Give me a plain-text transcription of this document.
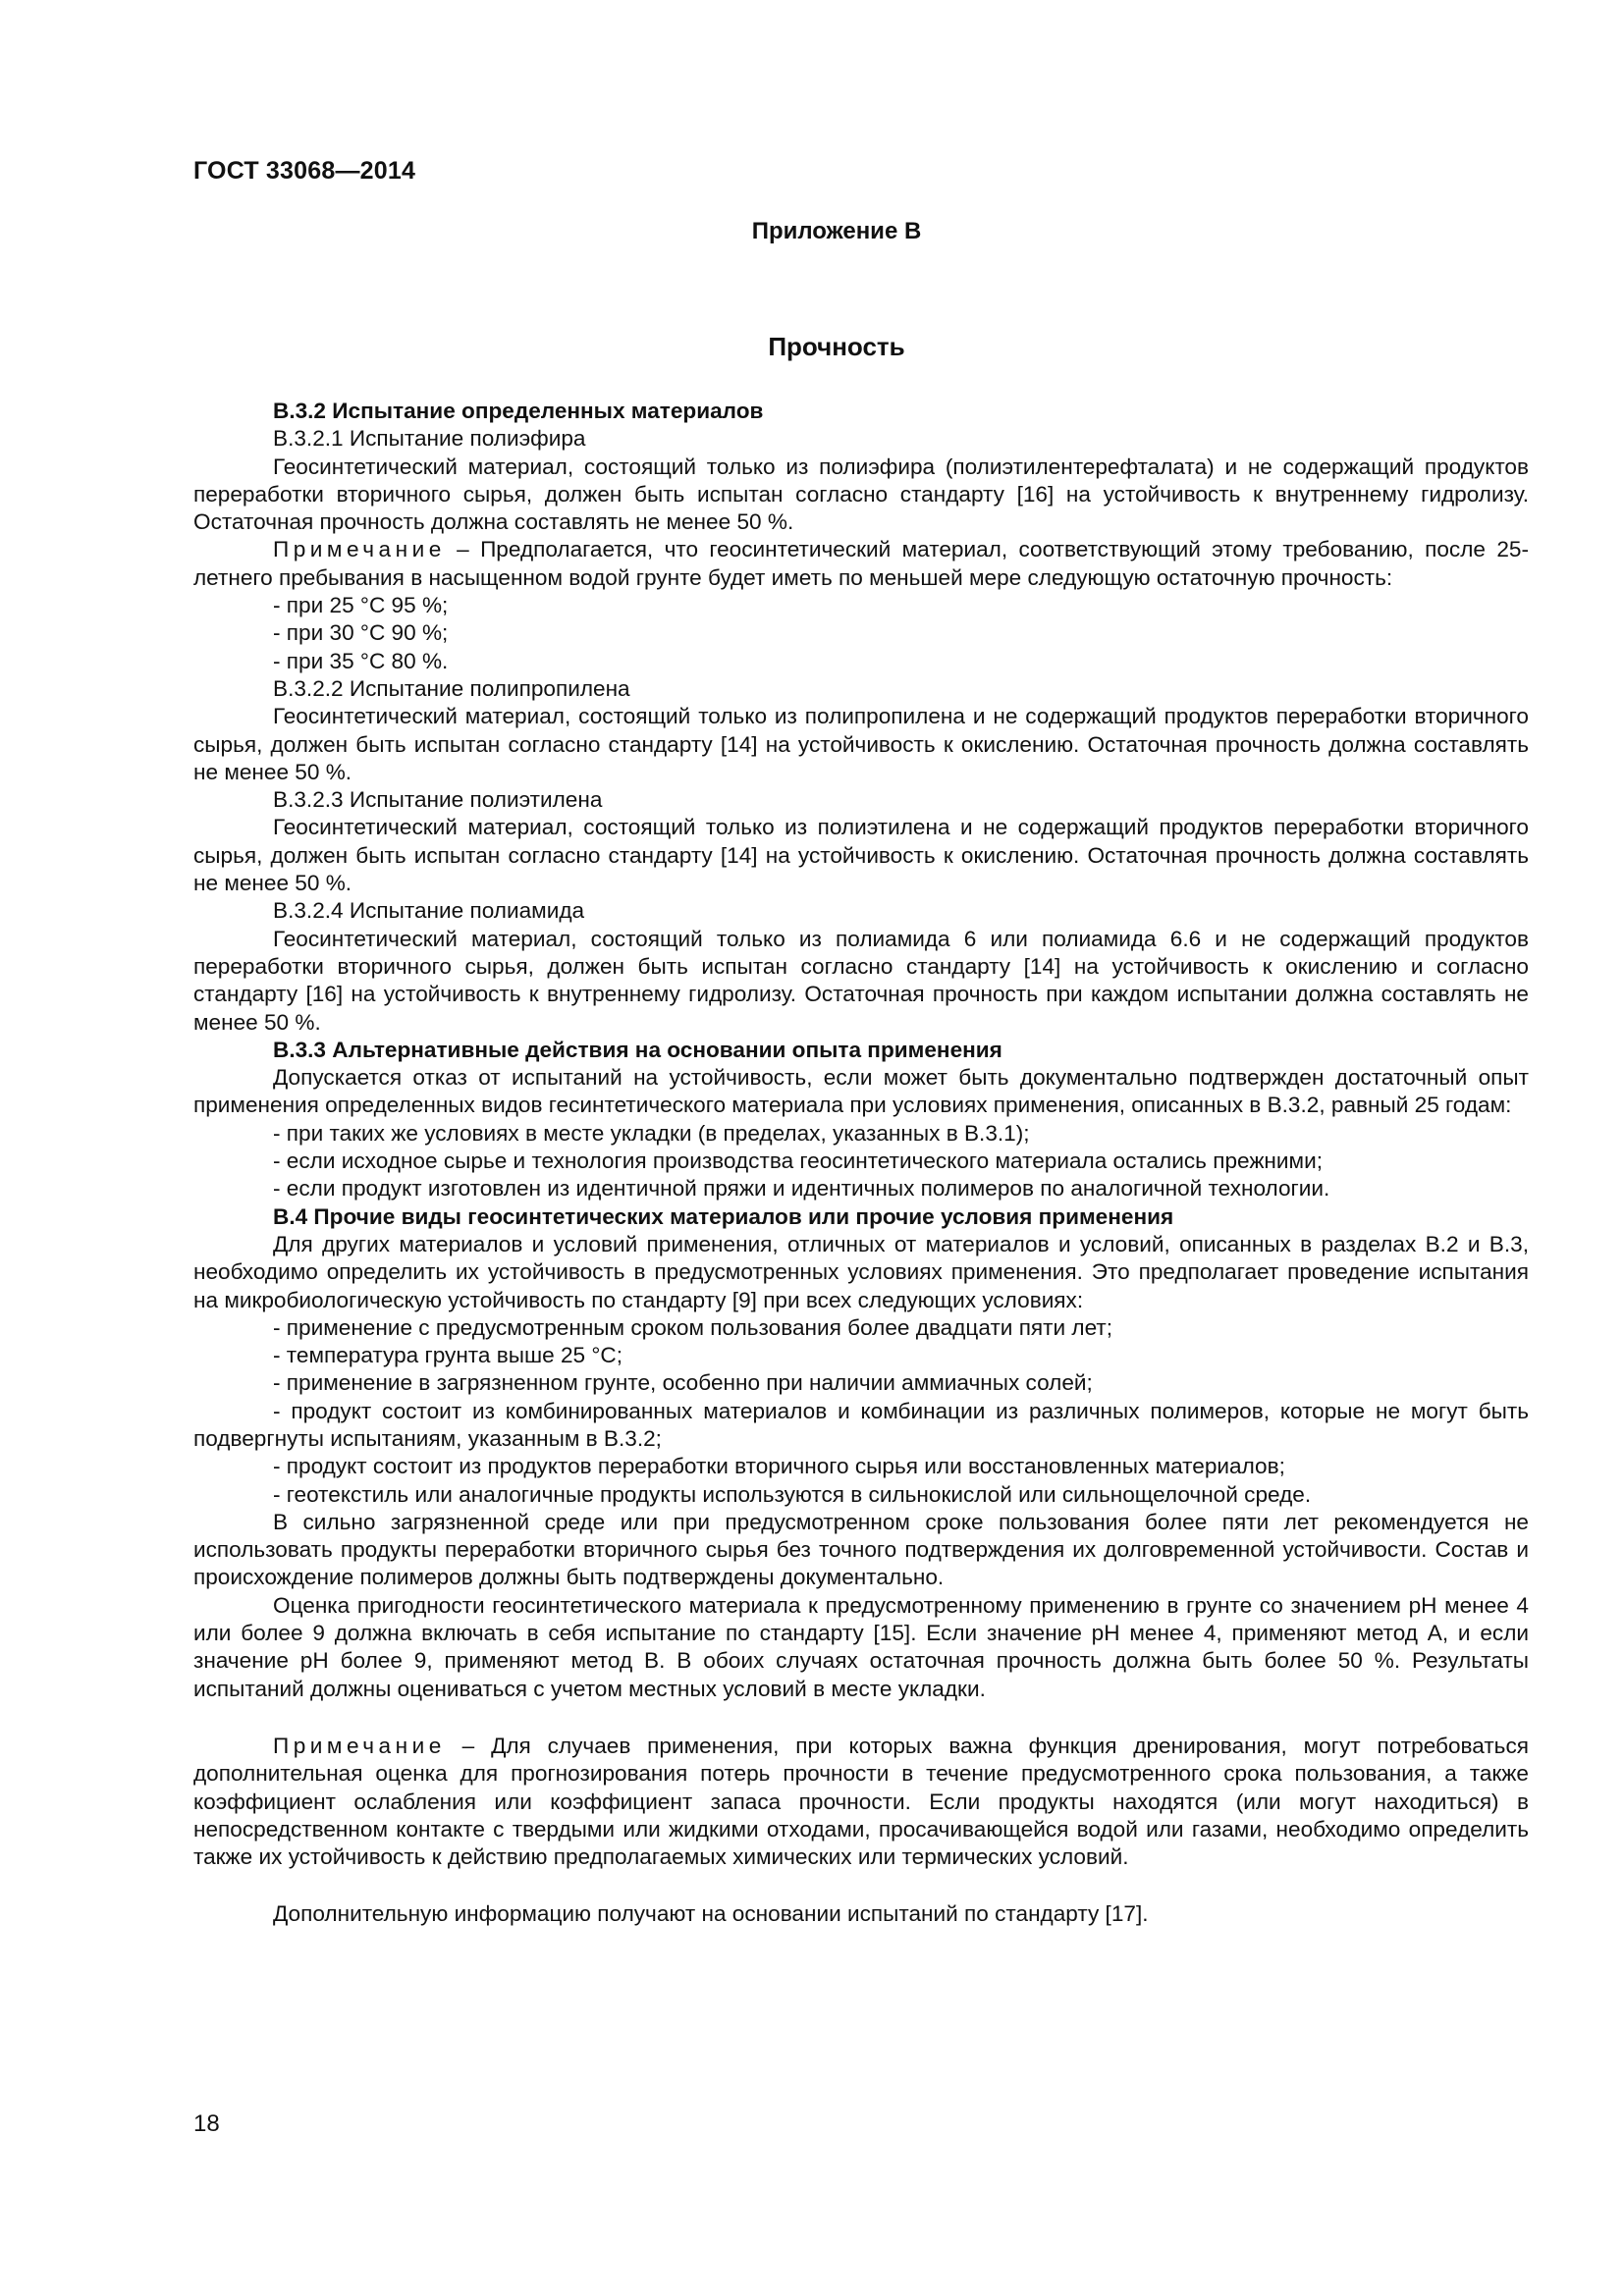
ГОСТ 33068—2014
Приложение В
Прочность

В.3.2 Испытание определенных материалов

В.3.2.1 Испытание полиэфира

Геосинтетический материал, состоящий только из полиэфира (полиэтилентерефталата) и не содержащий продуктов переработки вторичного сырья, должен быть испытан согласно стандарту [16] на устойчивость к внутреннему гидролизу. Остаточная прочность должна составлять не менее 50 %.

Примечание – Предполагается, что геосинтетический материал, соответствующий этому требованию, после 25-летнего пребывания в насыщенном водой грунте будет иметь по меньшей мере следующую остаточную прочность:

- при 25 °С 95 %;

- при 30 °С 90 %;

- при 35 °С 80 %.

В.3.2.2 Испытание полипропилена

Геосинтетический материал, состоящий только из полипропилена и не содержащий продуктов переработки вторичного сырья, должен быть испытан согласно стандарту [14] на устойчивость к окислению. Остаточная прочность должна составлять не менее 50 %.

В.3.2.3 Испытание полиэтилена

Геосинтетический материал, состоящий только из полиэтилена и не содержащий продуктов переработки вторичного сырья, должен быть испытан согласно стандарту [14] на устойчивость к окислению. Остаточная прочность должна составлять не менее 50 %.

В.3.2.4 Испытание полиамида

Геосинтетический материал, состоящий только из полиамида 6 или полиамида 6.6 и не содержащий продуктов переработки вторичного сырья, должен быть испытан согласно стандарту [14] на устойчивость к окислению и согласно стандарту [16] на устойчивость к внутреннему гидролизу. Остаточная прочность при каждом испытании должна составлять не менее 50 %.

В.3.3 Альтернативные действия на основании опыта применения

Допускается отказ от испытаний на устойчивость, если может быть документально подтвержден достаточный опыт применения определенных видов гесинтетического материала при условиях применения, описанных в В.3.2, равный 25 годам:

- при таких же условиях в месте укладки (в пределах, указанных в В.3.1);

- если исходное сырье и технология производства геосинтетического материала остались прежними;

- если продукт изготовлен из идентичной пряжи и идентичных полимеров по аналогичной технологии.

В.4 Прочие виды геосинтетических материалов или прочие условия применения

Для других материалов и условий применения, отличных от материалов и условий, описанных в разделах В.2 и В.3, необходимо определить их устойчивость в предусмотренных условиях применения. Это предполагает проведение испытания на микробиологическую устойчивость по стандарту [9] при всех следующих условиях:

- применение с предусмотренным сроком пользования более двадцати пяти лет;

- температура грунта выше 25 °С;

- применение в загрязненном грунте, особенно при наличии аммиачных солей;

- продукт состоит из комбинированных материалов и комбинации из различных полимеров, которые не могут быть подвергнуты испытаниям, указанным в В.3.2;

- продукт состоит из продуктов переработки вторичного сырья или восстановленных материалов;

- геотекстиль или аналогичные продукты используются в сильнокислой или сильнощелочной среде.

В сильно загрязненной среде или при предусмотренном сроке пользования более пяти лет рекомендуется не использовать продукты переработки вторичного сырья без точного подтверждения их долговременной устойчивости. Состав и происхождение полимеров должны быть подтверждены документально.

Оценка пригодности геосинтетического материала к предусмотренному применению в грунте со значением рН менее 4 или более 9 должна включать в себя испытание по стандарту [15]. Если значение рН менее 4, применяют метод А, и если значение рН более 9, применяют метод В. В обоих случаях остаточная прочность должна быть более 50 %. Результаты испытаний должны оцениваться с учетом местных условий в месте укладки.

Примечание – Для случаев применения, при которых важна функция дренирования, могут потребоваться дополнительная оценка для прогнозирования потерь прочности в течение предусмотренного срока пользования, а также коэффициент ослабления или коэффициент запаса прочности. Если продукты находятся (или могут находиться) в непосредственном контакте с твердыми или жидкими отходами, просачивающейся водой или газами, необходимо определить также их устойчивость к действию предполагаемых химических или термических условий.

Дополнительную информацию получают на основании испытаний по стандарту [17].

18
